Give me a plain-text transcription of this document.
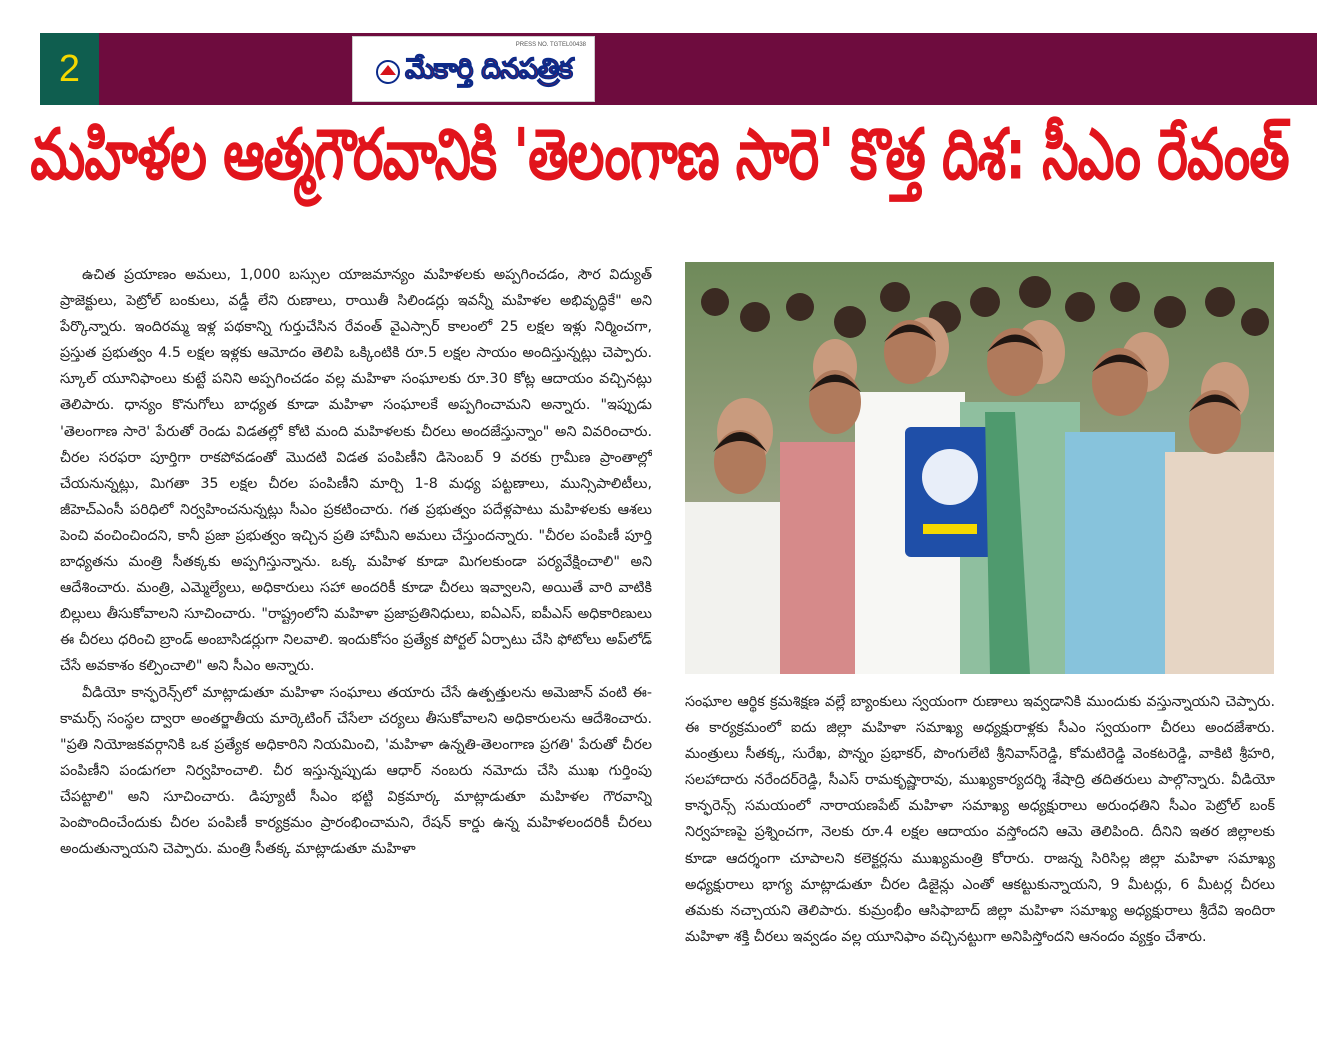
2
PRESS NO. TGTEL00438
మేకార్తి దినపత్రిక
మహిళల ఆత్మగౌరవానికి 'తెలంగాణ సారె' కొత్త దిశ: సీఎం రేవంత్

ఉచిత ప్రయాణం అమలు, 1,000 బస్సుల యాజమాన్యం మహిళలకు అప్పగించడం, సౌర విద్యుత్ ప్రాజెక్టులు, పెట్రోల్ బంకులు, వడ్డీ లేని రుణాలు, రాయితీ సిలిండర్లు ఇవన్నీ మహిళల అభివృద్ధికే" అని పేర్కొన్నారు. ఇందిరమ్మ ఇళ్ల పథకాన్ని గుర్తుచేసిన రేవంత్ వైఎస్సార్ కాలంలో 25 లక్షల ఇళ్లు నిర్మించగా, ప్రస్తుత ప్రభుత్వం 4.5 లక్షల ఇళ్లకు ఆమోదం తెలిపి ఒక్కింటికి రూ.5 లక్షల సాయం అందిస్తున్నట్లు చెప్పారు. స్కూల్ యూనిఫాంలు కుట్టే పనిని అప్పగించడం వల్ల మహిళా సంఘాలకు రూ.30 కోట్ల ఆదాయం వచ్చినట్లు తెలిపారు. ధాన్యం కొనుగోలు బాధ్యత కూడా మహిళా సంఘాలకే అప్పగించామని అన్నారు. "ఇప్పుడు 'తెలంగాణ సారె' పేరుతో రెండు విడతల్లో కోటి మంది మహిళలకు చీరలు అందజేస్తున్నాం" అని వివరించారు. చీరల సరఫరా పూర్తిగా రాకపోవడంతో మొదటి విడత పంపిణీని డిసెంబర్ 9 వరకు గ్రామీణ ప్రాంతాల్లో చేయనున్నట్లు, మిగతా 35 లక్షల చీరల పంపిణీని మార్చి 1-8 మధ్య పట్టణాలు, మున్సిపాలిటీలు, జీహెచ్ఎంసీ పరిధిలో నిర్వహించనున్నట్లు సీఎం ప్రకటించారు. గత ప్రభుత్వం పదేళ్లపాటు మహిళలకు ఆశలు పెంచి వంచించిందని, కానీ ప్రజా ప్రభుత్వం ఇచ్చిన ప్రతి హామీని అమలు చేస్తుందన్నారు. "చీరల పంపిణీ పూర్తి బాధ్యతను మంత్రి సీతక్కకు అప్పగిస్తున్నాను. ఒక్క మహిళ కూడా మిగలకుండా పర్యవేక్షించాలి" అని ఆదేశించారు. మంత్రి, ఎమ్మెల్యేలు, అధికారులు సహా అందరికీ కూడా చీరలు ఇవ్వాలని, అయితే వారి వాటికి బిల్లులు తీసుకోవాలని సూచించారు. "రాష్ట్రంలోని మహిళా ప్రజాప్రతినిధులు, ఐఏఎస్, ఐపీఎస్ అధికారిణులు ఈ చీరలు ధరించి బ్రాండ్ అంబాసిడర్లుగా నిలవాలి. ఇందుకోసం ప్రత్యేక పోర్టల్ ఏర్పాటు చేసి ఫోటోలు అప్‌లోడ్ చేసే అవకాశం కల్పించాలి" అని సీఎం అన్నారు.

వీడియో కాన్ఫరెన్స్‌లో మాట్లాడుతూ మహిళా సంఘాలు తయారు చేసే ఉత్పత్తులను అమెజాన్ వంటి ఈ-కామర్స్ సంస్థల ద్వారా అంతర్జాతీయ మార్కెటింగ్ చేసేలా చర్యలు తీసుకోవాలని అధికారులను ఆదేశించారు. "ప్రతి నియోజకవర్గానికి ఒక ప్రత్యేక అధికారిని నియమించి, 'మహిళా ఉన్నతి-తెలంగాణ ప్రగతి' పేరుతో చీరల పంపిణీని పండుగలా నిర్వహించాలి. చీర ఇస్తున్నప్పుడు ఆధార్ నంబరు నమోదు చేసి ముఖ గుర్తింపు చేపట్టాలి" అని సూచించారు. డిప్యూటీ సీఎం భట్టి విక్రమార్క మాట్లాడుతూ మహిళల గౌరవాన్ని పెంపొందించేందుకు చీరల పంపిణీ కార్యక్రమం ప్రారంభించామని, రేషన్ కార్డు ఉన్న మహిళలందరికీ చీరలు అందుతున్నాయని చెప్పారు. మంత్రి సీతక్క మాట్లాడుతూ మహిళా

సంఘాల ఆర్థిక క్రమశిక్షణ వల్లే బ్యాంకులు స్వయంగా రుణాలు ఇవ్వడానికి ముందుకు వస్తున్నాయని చెప్పారు. ఈ కార్యక్రమంలో ఐదు జిల్లా మహిళా సమాఖ్య అధ్యక్షురాళ్లకు సీఎం స్వయంగా చీరలు అందజేశారు. మంత్రులు సీతక్క, సురేఖ, పొన్నం ప్రభాకర్, పొంగులేటి శ్రీనివాస్‌రెడ్డి, కోమటిరెడ్డి వెంకటరెడ్డి, వాకిటి శ్రీహరి, సలహాదారు నరేందర్‌రెడ్డి, సీఎస్ రామకృష్ణారావు, ముఖ్యకార్యదర్శి శేషాద్రి తదితరులు పాల్గొన్నారు. వీడియో కాన్ఫరెన్స్ సమయంలో నారాయణపేట్ మహిళా సమాఖ్య అధ్యక్షురాలు అరుంధతిని సీఎం పెట్రోల్ బంక్ నిర్వహణపై ప్రశ్నించగా, నెలకు రూ.4 లక్షల ఆదాయం వస్తోందని ఆమె తెలిపింది. దీనిని ఇతర జిల్లాలకు కూడా ఆదర్శంగా చూపాలని కలెక్టర్లను ముఖ్యమంత్రి కోరారు. రాజన్న సిరిసిల్ల జిల్లా మహిళా సమాఖ్య అధ్యక్షురాలు భాగ్య మాట్లాడుతూ చీరల డిజైన్లు ఎంతో ఆకట్టుకున్నాయని, 9 మీటర్లు, 6 మీటర్ల చీరలు తమకు నచ్చాయని తెలిపారు. కుమ్రంభీం ఆసిఫాబాద్ జిల్లా మహిళా సమాఖ్య అధ్యక్షురాలు శ్రీదేవి ఇందిరా మహిళా శక్తి చీరలు ఇవ్వడం వల్ల యూనిఫాం వచ్చినట్టుగా అనిపిస్తోందని ఆనందం వ్యక్తం చేశారు.
